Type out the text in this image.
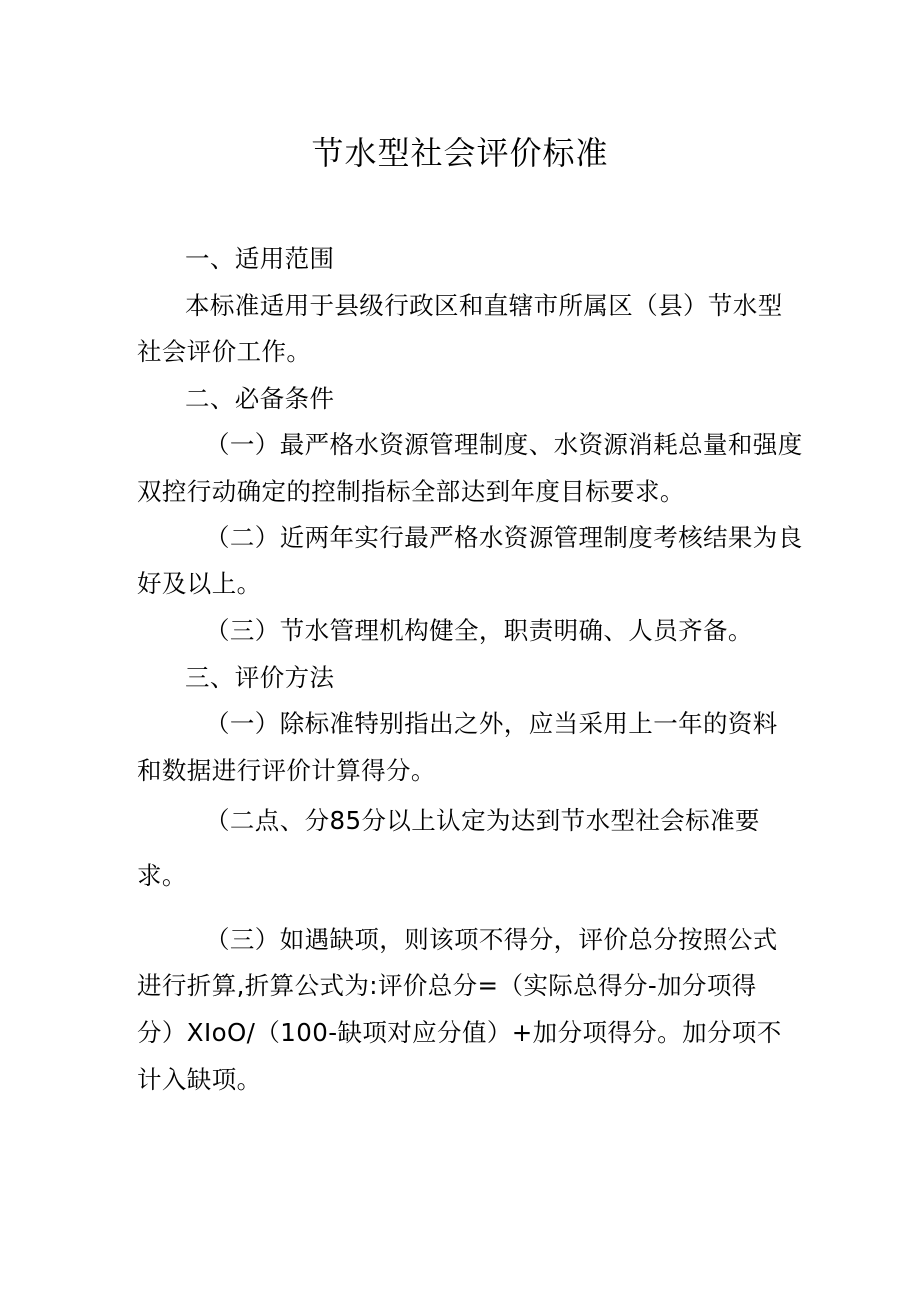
节水型社会评价标准
一、适用范围
本标准适用于县级行政区和直辖市所属区（县）节水型
社会评价工作。
二、必备条件
（一）最严格水资源管理制度、水资源消耗总量和强度
双控行动确定的控制指标全部达到年度目标要求。
（二）近两年实行最严格水资源管理制度考核结果为良
好及以上。
（三）节水管理机构健全，职责明确、人员齐备。
三、评价方法
（一）除标准特别指出之外，应当采用上一年的资料
和数据进行评价计算得分。
（二点、分85分以上认定为达到节水型社会标准要
求。
（三）如遇缺项，则该项不得分，评价总分按照公式
进行折算,折算公式为:评价总分=（实际总得分-加分项得
分）XIoO/（100-缺项对应分值）+加分项得分。加分项不
计入缺项。
